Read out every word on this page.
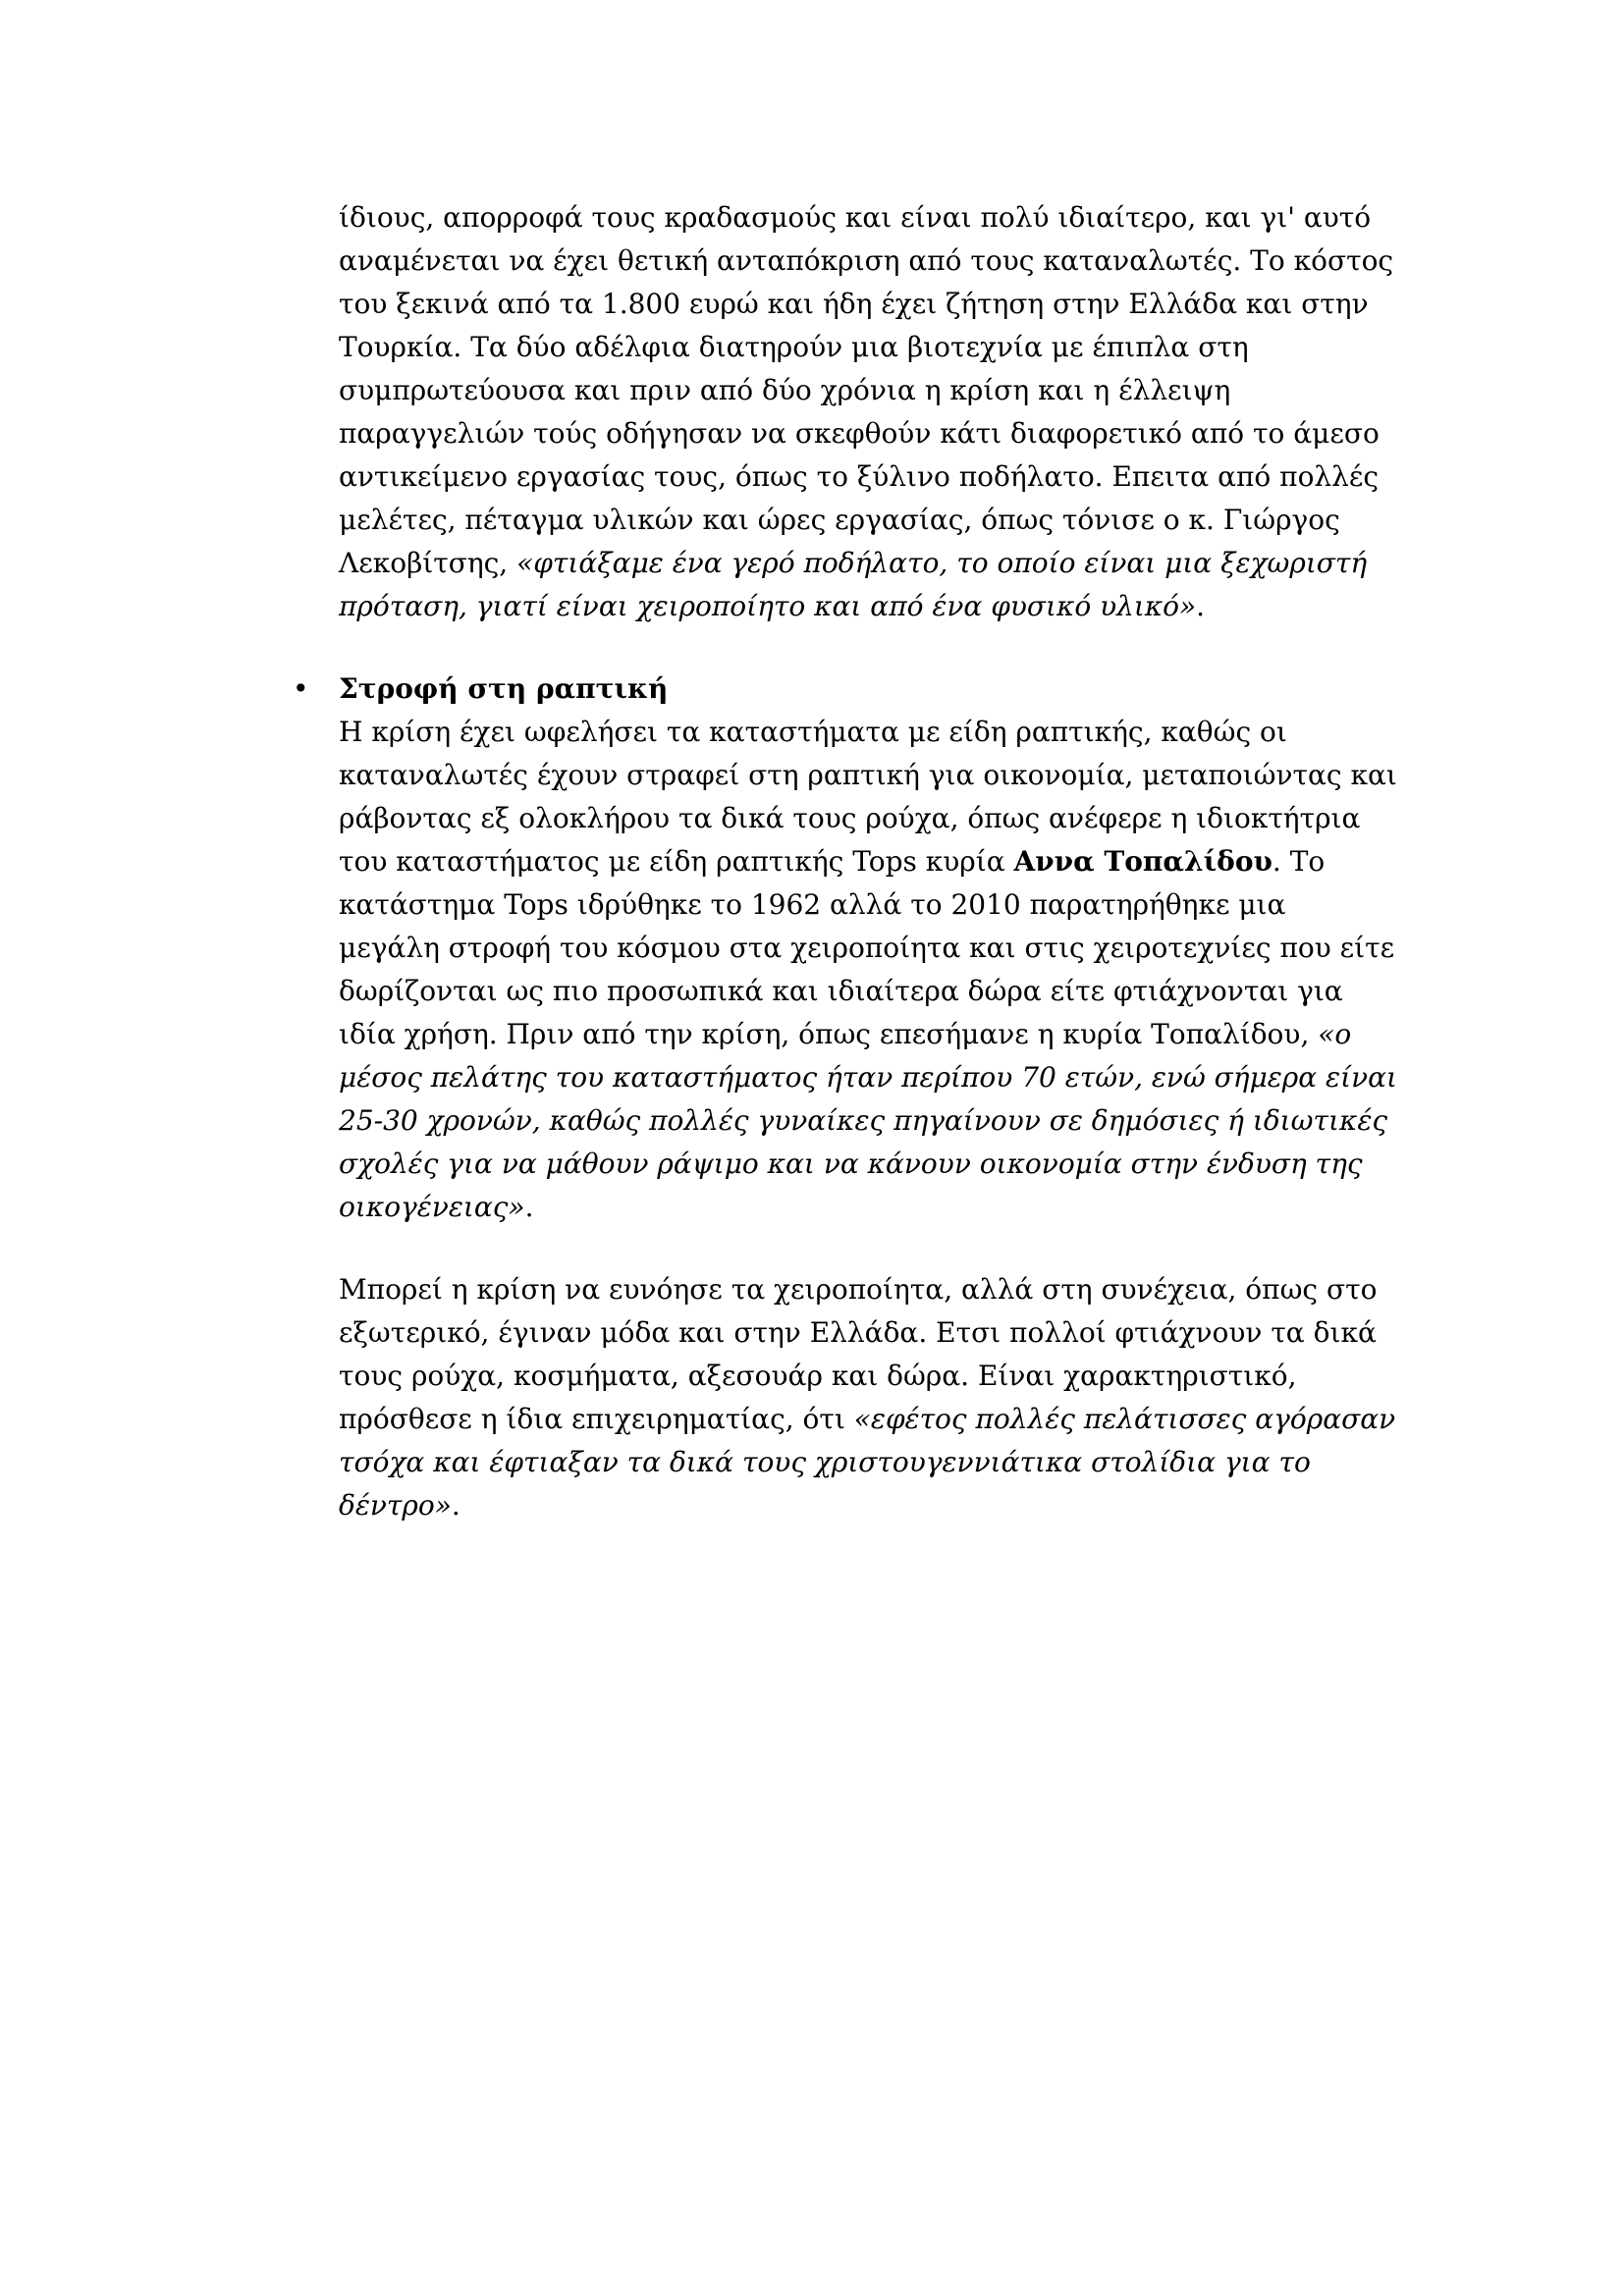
ίδιους, απορροφά τους κραδασμούς και είναι πολύ ιδιαίτερο, και γι' αυτό
αναμένεται να έχει θετική ανταπόκριση από τους καταναλωτές. Το κόστος
του ξεκινά από τα 1.800 ευρώ και ήδη έχει ζήτηση στην Ελλάδα και στην
Τουρκία. Τα δύο αδέλφια διατηρούν μια βιοτεχνία με έπιπλα στη
συμπρωτεύουσα και πριν από δύο χρόνια η κρίση και η έλλειψη
παραγγελιών τούς οδήγησαν να σκεφθούν κάτι διαφορετικό από το άμεσο
αντικείμενο εργασίας τους, όπως το ξύλινο ποδήλατο. Επειτα από πολλές
μελέτες, πέταγμα υλικών και ώρες εργασίας, όπως τόνισε ο κ. Γιώργος
Λεκοβίτσης, «φτιάξαμε ένα γερό ποδήλατο, το οποίο είναι μια ξεχωριστή
πρόταση, γιατί είναι χειροποίητο και από ένα φυσικό υλικό».
• Στροφή στη ραπτική
Η κρίση έχει ωφελήσει τα καταστήματα με είδη ραπτικής, καθώς οι
καταναλωτές έχουν στραφεί στη ραπτική για οικονομία, μεταποιώντας και
ράβοντας εξ ολοκλήρου τα δικά τους ρούχα, όπως ανέφερε η ιδιοκτήτρια
του καταστήματος με είδη ραπτικής Tops κυρία Αννα Τοπαλίδου. Το
κατάστημα Tops ιδρύθηκε το 1962 αλλά το 2010 παρατηρήθηκε μια
μεγάλη στροφή του κόσμου στα χειροποίητα και στις χειροτεχνίες που είτε
δωρίζονται ως πιο προσωπικά και ιδιαίτερα δώρα είτε φτιάχνονται για
ιδία χρήση. Πριν από την κρίση, όπως επεσήμανε η κυρία Τοπαλίδου, «ο
μέσος πελάτης του καταστήματος ήταν περίπου 70 ετών, ενώ σήμερα είναι
25-30 χρονών, καθώς πολλές γυναίκες πηγαίνουν σε δημόσιες ή ιδιωτικές
σχολές για να μάθουν ράψιμο και να κάνουν οικονομία στην ένδυση της
οικογένειας».
Μπορεί η κρίση να ευνόησε τα χειροποίητα, αλλά στη συνέχεια, όπως στο
εξωτερικό, έγιναν μόδα και στην Ελλάδα. Ετσι πολλοί φτιάχνουν τα δικά
τους ρούχα, κοσμήματα, αξεσουάρ και δώρα. Είναι χαρακτηριστικό,
πρόσθεσε η ίδια επιχειρηματίας, ότι «εφέτος πολλές πελάτισσες αγόρασαν
τσόχα και έφτιαξαν τα δικά τους χριστουγεννιάτικα στολίδια για το
δέντρο».
